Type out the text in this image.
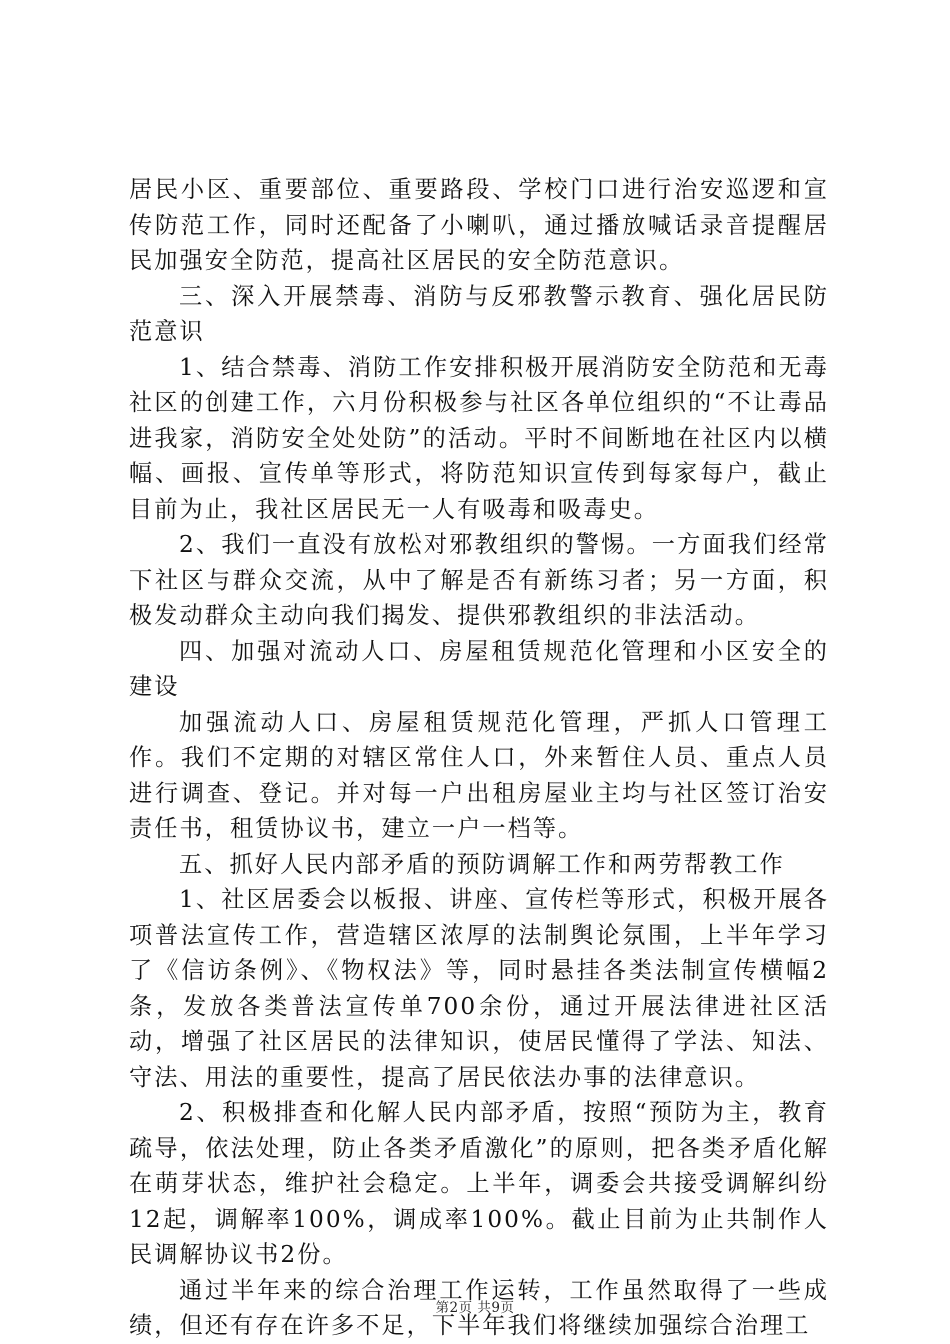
居民小区、重要部位、重要路段、学校门口进行治安巡逻和宣传防范工作，同时还配备了小喇叭，通过播放喊话录音提醒居民加强安全防范，提高社区居民的安全防范意识。

三、深入开展禁毒、消防与反邪教警示教育、强化居民防范意识

1、结合禁毒、消防工作安排积极开展消防安全防范和无毒社区的创建工作，六月份积极参与社区各单位组织的“不让毒品进我家，消防安全处处防”的活动。平时不间断地在社区内以横幅、画报、宣传单等形式，将防范知识宣传到每家每户，截止目前为止，我社区居民无一人有吸毒和吸毒史。

2、我们一直没有放松对邪教组织的警惕。一方面我们经常下社区与群众交流，从中了解是否有新练习者；另一方面，积极发动群众主动向我们揭发、提供邪教组织的非法活动。

四、加强对流动人口、房屋租赁规范化管理和小区安全的建设

加强流动人口、房屋租赁规范化管理，严抓人口管理工作。我们不定期的对辖区常住人口，外来暂住人员、重点人员进行调查、登记。并对每一户出租房屋业主均与社区签订治安责任书，租赁协议书，建立一户一档等。

五、抓好人民内部矛盾的预防调解工作和两劳帮教工作

1、社区居委会以板报、讲座、宣传栏等形式，积极开展各项普法宣传工作，营造辖区浓厚的法制舆论氛围，上半年学习了《信访条例》、《物权法》等，同时悬挂各类法制宣传横幅2条，发放各类普法宣传单700余份，通过开展法律进社区活动，增强了社区居民的法律知识，使居民懂得了学法、知法、守法、用法的重要性，提高了居民依法办事的法律意识。

2、积极排查和化解人民内部矛盾，按照“预防为主，教育疏导，依法处理，防止各类矛盾激化”的原则，把各类矛盾化解在萌芽状态，维护社会稳定。上半年，调委会共接受调解纠纷12起，调解率100%，调成率100%。截止目前为止共制作人民调解协议书2份。

通过半年来的综合治理工作运转，工作虽然取得了一些成绩，但还有存在许多不足，下半年我们将继续加强综合治理工

第2页 共9页
